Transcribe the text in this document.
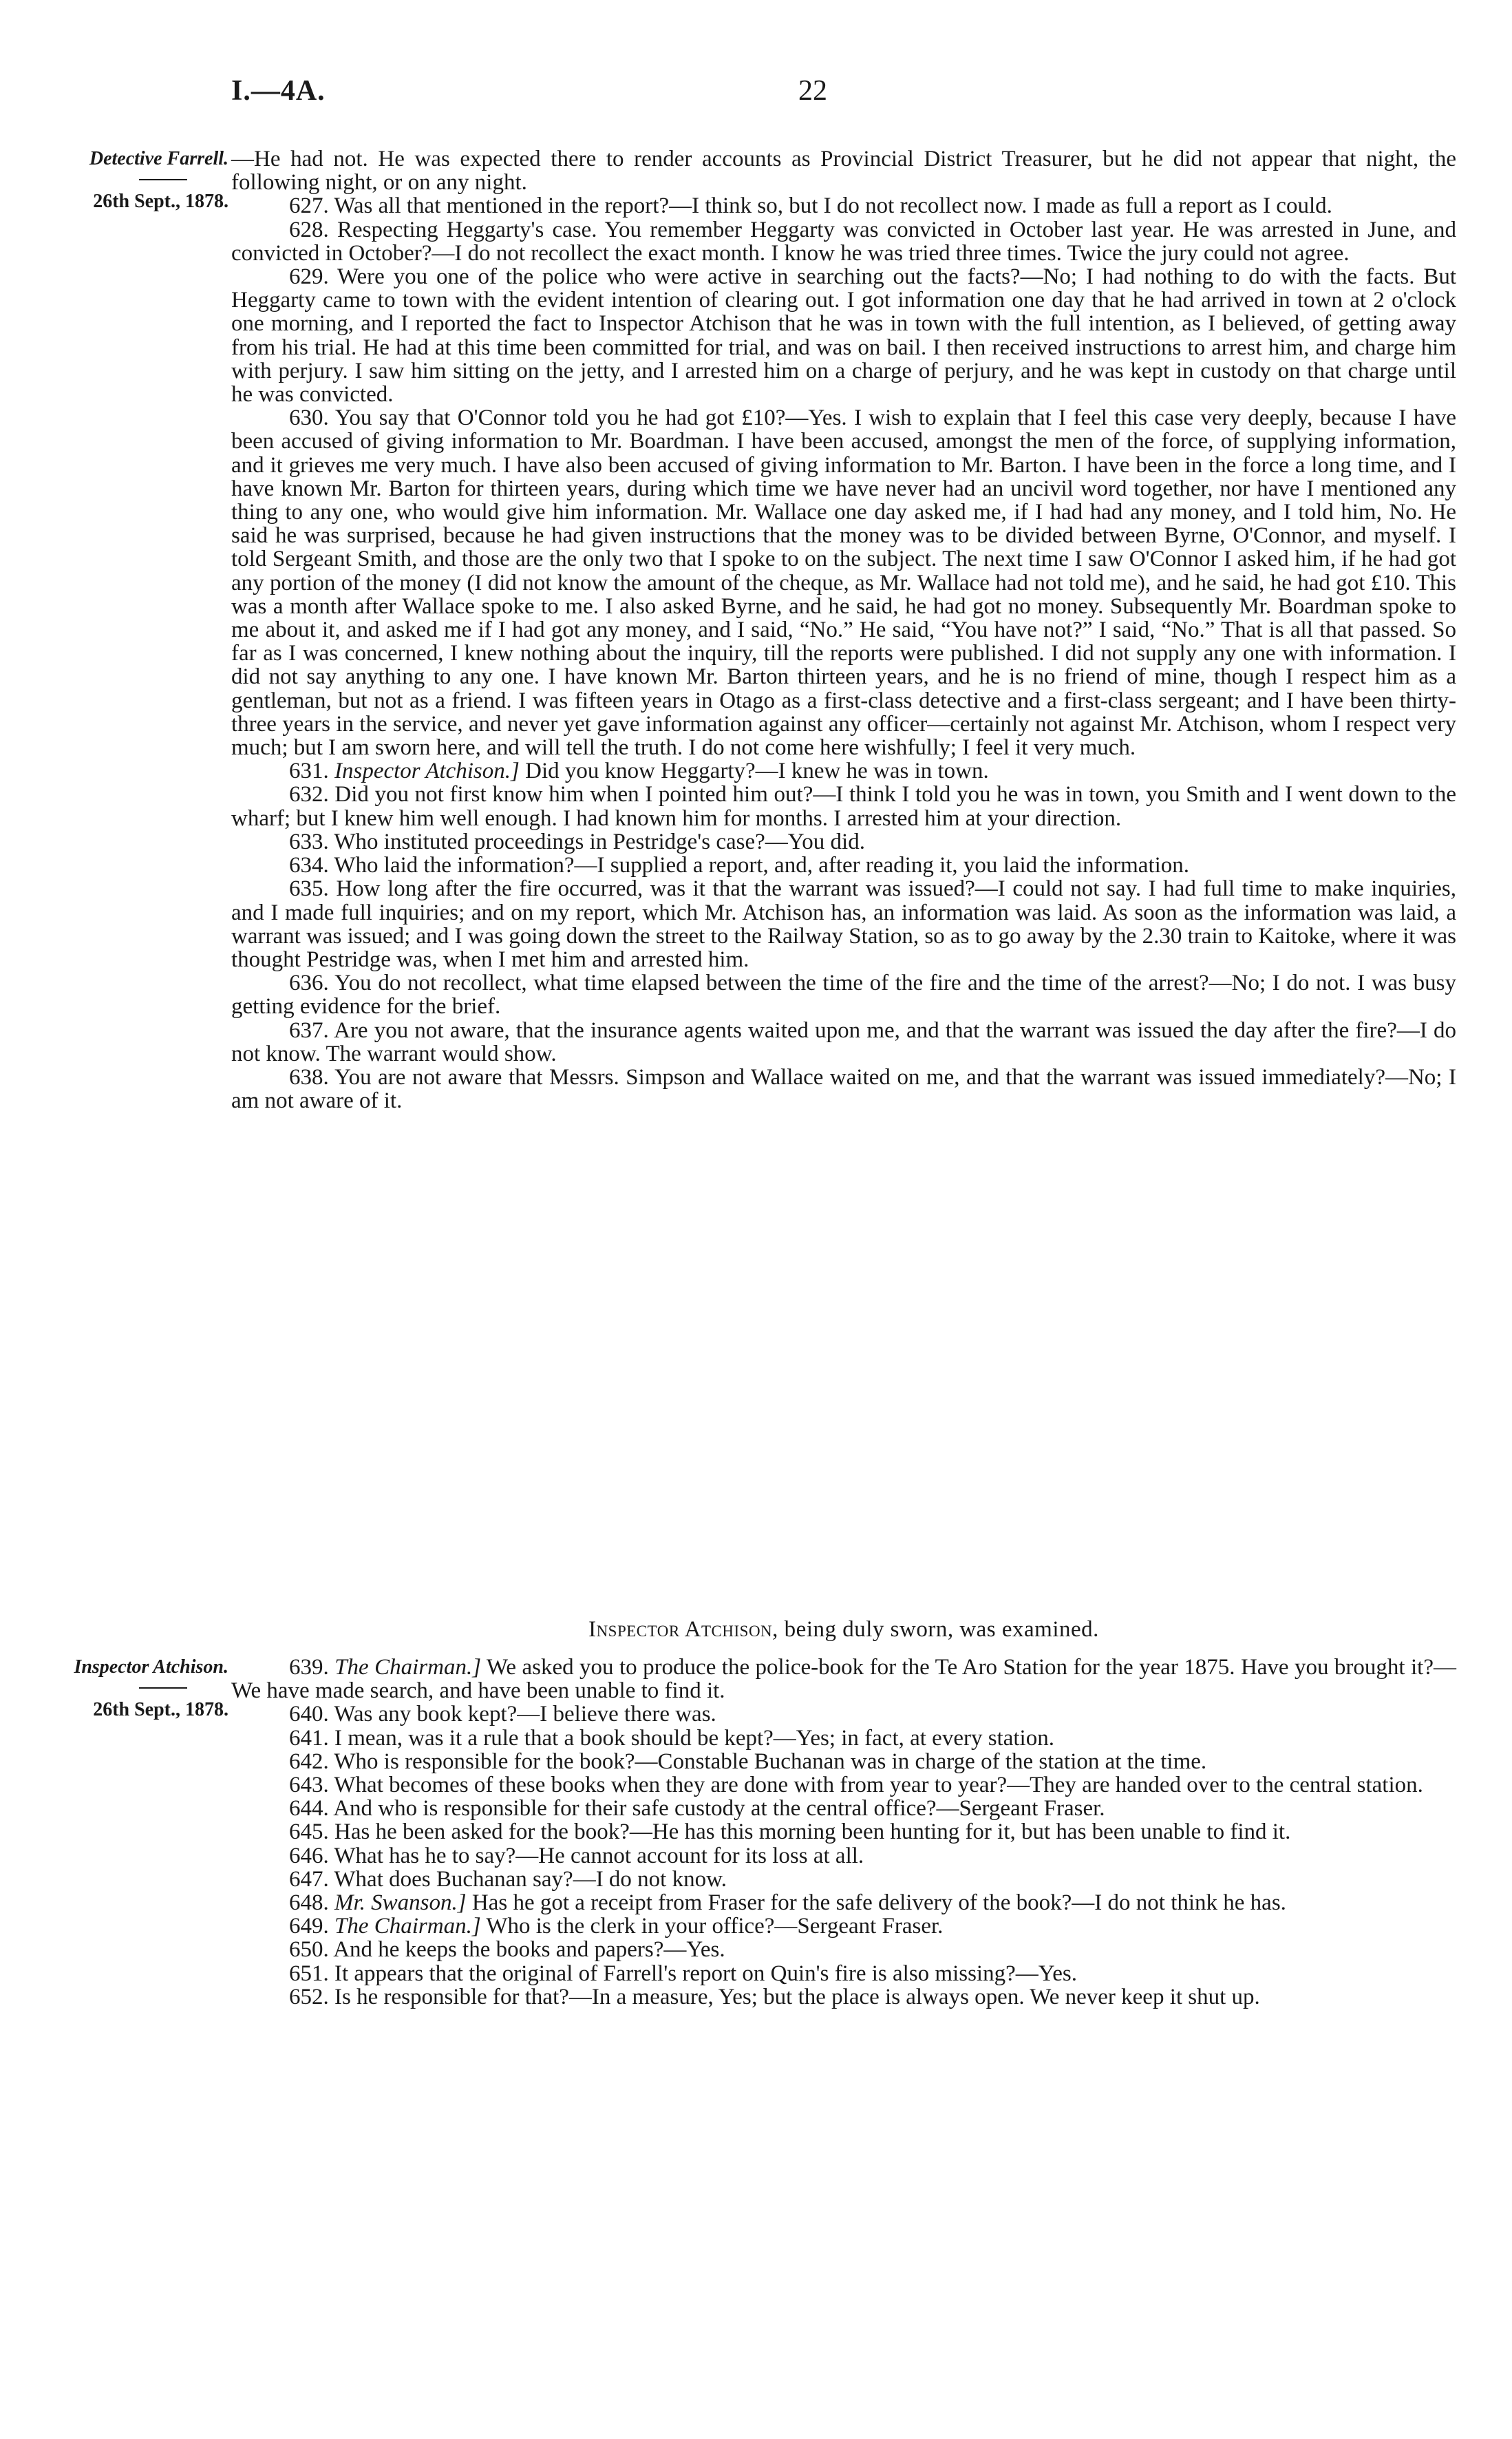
I.—4A.	22
Detective Farrell.
26th Sept., 1878.

—He had not. He was expected there to render accounts as Provincial District Treasurer, but he did not appear that night, the following night, or on any night.

627. Was all that mentioned in the report?—I think so, but I do not recollect now. I made as full a report as I could.

628. Respecting Heggarty's case. You remember Heggarty was convicted in October last year. He was arrested in June, and convicted in October?—I do not recollect the exact month. I know he was tried three times. Twice the jury could not agree.

629. Were you one of the police who were active in searching out the facts?—No; I had nothing to do with the facts. But Heggarty came to town with the evident intention of clearing out. I got information one day that he had arrived in town at 2 o'clock one morning, and I reported the fact to Inspector Atchison that he was in town with the full intention, as I believed, of getting away from his trial. He had at this time been committed for trial, and was on bail. I then received instructions to arrest him, and charge him with perjury. I saw him sitting on the jetty, and I arrested him on a charge of perjury, and he was kept in custody on that charge until he was convicted.

630. You say that O'Connor told you he had got £10?—Yes. I wish to explain that I feel this case very deeply, because I have been accused of giving information to Mr. Boardman. I have been accused, amongst the men of the force, of supplying information, and it grieves me very much. I have also been accused of giving information to Mr. Barton. I have been in the force a long time, and I have known Mr. Barton for thirteen years, during which time we have never had an uncivil word together, nor have I mentioned any thing to any one, who would give him information. Mr. Wallace one day asked me, if I had had any money, and I told him, No. He said he was surprised, because he had given instructions that the money was to be divided between Byrne, O'Connor, and myself. I told Sergeant Smith, and those are the only two that I spoke to on the subject. The next time I saw O'Connor I asked him, if he had got any portion of the money (I did not know the amount of the cheque, as Mr. Wallace had not told me), and he said, he had got £10. This was a month after Wallace spoke to me. I also asked Byrne, and he said, he had got no money. Subsequently Mr. Boardman spoke to me about it, and asked me if I had got any money, and I said, “No.” He said, “You have not?” I said, “No.” That is all that passed. So far as I was concerned, I knew nothing about the inquiry, till the reports were published. I did not supply any one with information. I did not say anything to any one. I have known Mr. Barton thirteen years, and he is no friend of mine, though I respect him as a gentleman, but not as a friend. I was fifteen years in Otago as a first-class detective and a first-class sergeant; and I have been thirty-three years in the service, and never yet gave information against any officer—certainly not against Mr. Atchison, whom I respect very much; but I am sworn here, and will tell the truth. I do not come here wishfully; I feel it very much.

631. Inspector Atchison.] Did you know Heggarty?—I knew he was in town.

632. Did you not first know him when I pointed him out?—I think I told you he was in town, you Smith and I went down to the wharf; but I knew him well enough. I had known him for months. I arrested him at your direction.

633. Who instituted proceedings in Pestridge's case?—You did.

634. Who laid the information?—I supplied a report, and, after reading it, you laid the information.

635. How long after the fire occurred, was it that the warrant was issued?—I could not say. I had full time to make inquiries, and I made full inquiries; and on my report, which Mr. Atchison has, an information was laid. As soon as the information was laid, a warrant was issued; and I was going down the street to the Railway Station, so as to go away by the 2.30 train to Kaitoke, where it was thought Pestridge was, when I met him and arrested him.

636. You do not recollect, what time elapsed between the time of the fire and the time of the arrest?—No; I do not. I was busy getting evidence for the brief.

637. Are you not aware, that the insurance agents waited upon me, and that the warrant was issued the day after the fire?—I do not know. The warrant would show.

638. You are not aware that Messrs. Simpson and Wallace waited on me, and that the warrant was issued immediately?—No; I am not aware of it.

Inspector Atchison, being duly sworn, was examined.
Inspector Atchison.
26th Sept., 1878.

639. The Chairman.] We asked you to produce the police-book for the Te Aro Station for the year 1875. Have you brought it?—We have made search, and have been unable to find it.

640. Was any book kept?—I believe there was.

641. I mean, was it a rule that a book should be kept?—Yes; in fact, at every station.

642. Who is responsible for the book?—Constable Buchanan was in charge of the station at the time.

643. What becomes of these books when they are done with from year to year?—They are handed over to the central station.

644. And who is responsible for their safe custody at the central office?—Sergeant Fraser.

645. Has he been asked for the book?—He has this morning been hunting for it, but has been unable to find it.

646. What has he to say?—He cannot account for its loss at all.

647. What does Buchanan say?—I do not know.

648. Mr. Swanson.] Has he got a receipt from Fraser for the safe delivery of the book?—I do not think he has.

649. The Chairman.] Who is the clerk in your office?—Sergeant Fraser.

650. And he keeps the books and papers?—Yes.

651. It appears that the original of Farrell's report on Quin's fire is also missing?—Yes.

652. Is he responsible for that?—In a measure, Yes; but the place is always open. We never keep it shut up.
